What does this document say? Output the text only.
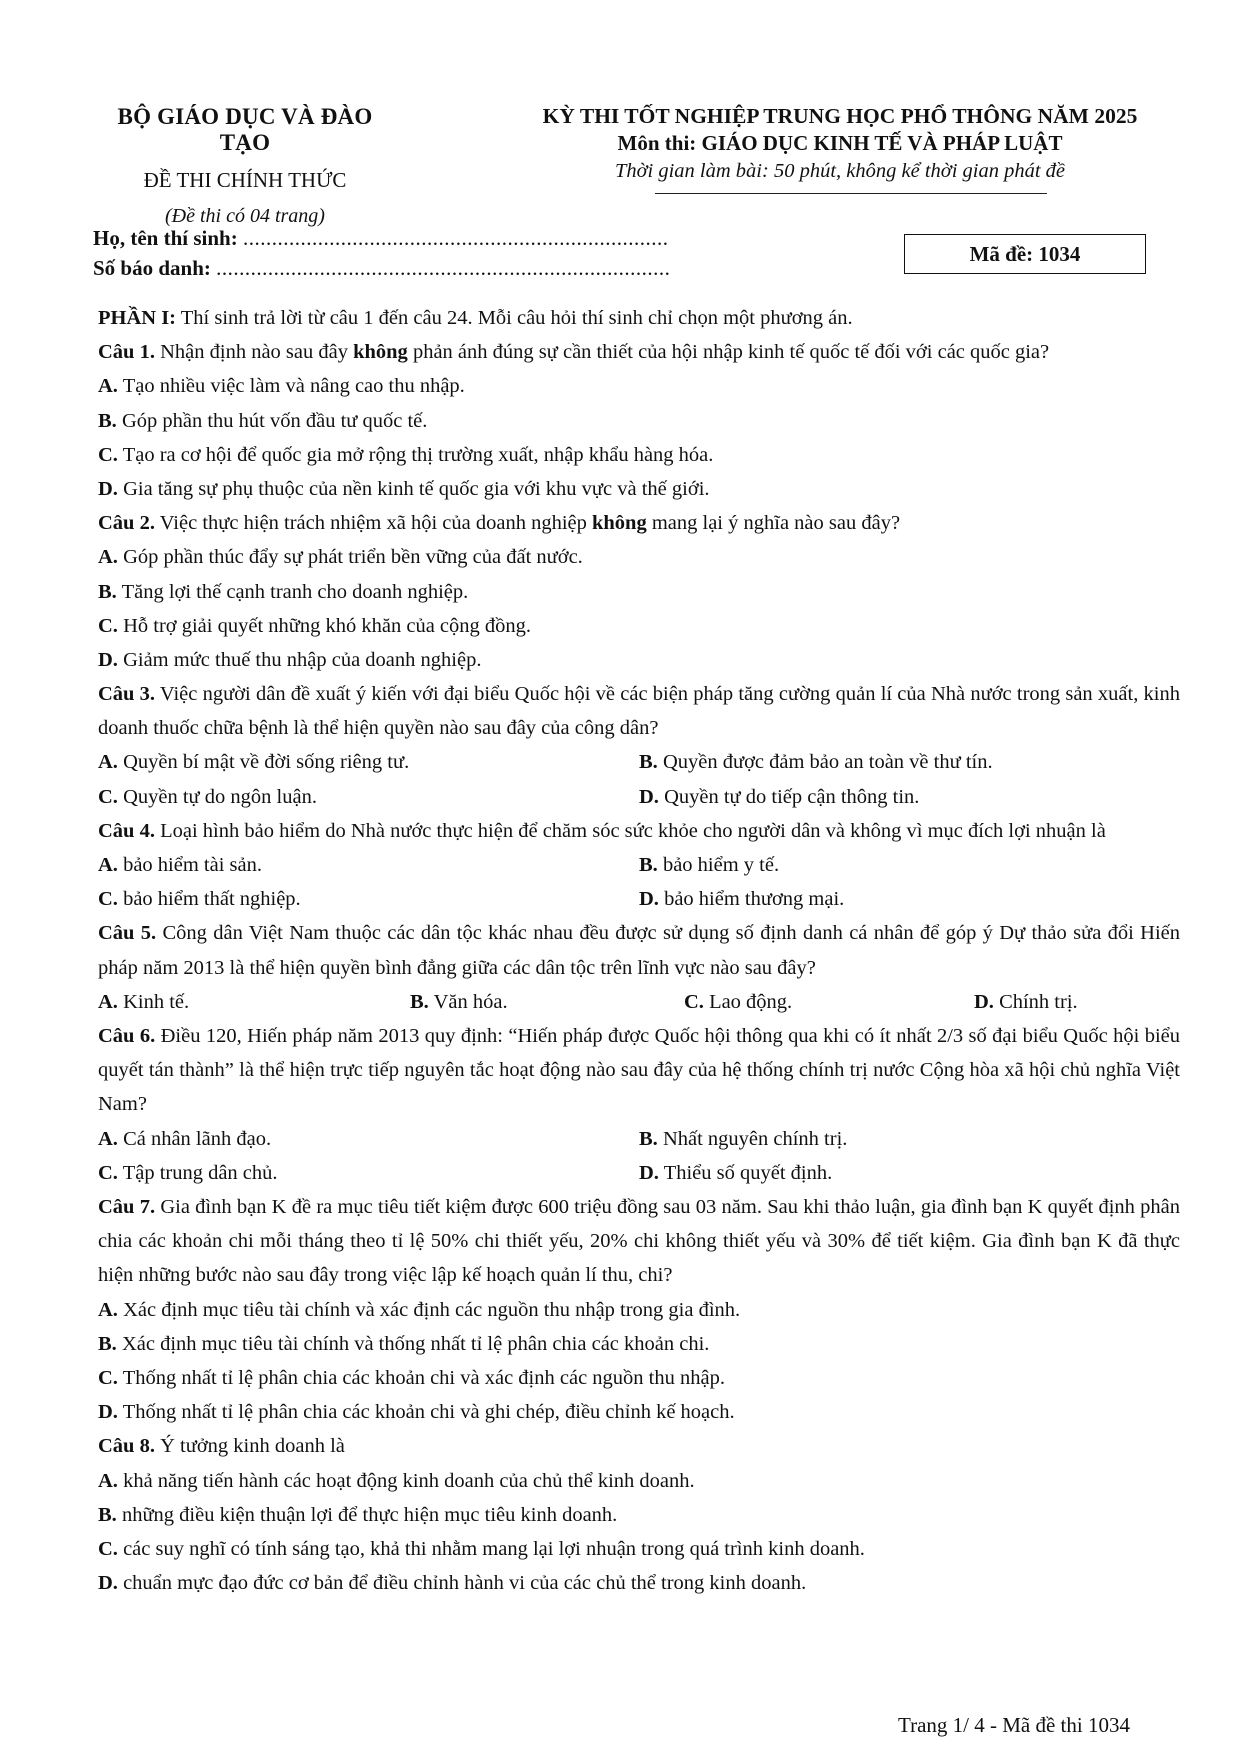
BỘ GIÁO DỤC VÀ ĐÀO TẠO
ĐỀ THI CHÍNH THỨC
(Đề thi có 04 trang)
KỲ THI TỐT NGHIỆP TRUNG HỌC PHỔ THÔNG NĂM 2025
Môn thi: GIÁO DỤC KINH TẾ VÀ PHÁP LUẬT
Thời gian làm bài: 50 phút, không kể thời gian phát đề
Họ, tên thí sinh: ..........................................................................
Số báo danh: ...............................................................................
Mã đề: 1034
PHẦN I: Thí sinh trả lời từ câu 1 đến câu 24. Mỗi câu hỏi thí sinh chỉ chọn một phương án.
Câu 1. Nhận định nào sau đây không phản ánh đúng sự cần thiết của hội nhập kinh tế quốc tế đối với các quốc gia?
A. Tạo nhiều việc làm và nâng cao thu nhập.
B. Góp phần thu hút vốn đầu tư quốc tế.
C. Tạo ra cơ hội để quốc gia mở rộng thị trường xuất, nhập khẩu hàng hóa.
D. Gia tăng sự phụ thuộc của nền kinh tế quốc gia với khu vực và thế giới.
Câu 2. Việc thực hiện trách nhiệm xã hội của doanh nghiệp không mang lại ý nghĩa nào sau đây?
A. Góp phần thúc đẩy sự phát triển bền vững của đất nước.
B. Tăng lợi thế cạnh tranh cho doanh nghiệp.
C. Hỗ trợ giải quyết những khó khăn của cộng đồng.
D. Giảm mức thuế thu nhập của doanh nghiệp.
Câu 3. Việc người dân đề xuất ý kiến với đại biểu Quốc hội về các biện pháp tăng cường quản lí của Nhà nước trong sản xuất, kinh doanh thuốc chữa bệnh là thể hiện quyền nào sau đây của công dân?
A. Quyền bí mật về đời sống riêng tư.	B. Quyền được đảm bảo an toàn về thư tín.
C. Quyền tự do ngôn luận.	D. Quyền tự do tiếp cận thông tin.
Câu 4. Loại hình bảo hiểm do Nhà nước thực hiện để chăm sóc sức khỏe cho người dân và không vì mục đích lợi nhuận là
A. bảo hiểm tài sản.	B. bảo hiểm y tế.
C. bảo hiểm thất nghiệp.	D. bảo hiểm thương mại.
Câu 5. Công dân Việt Nam thuộc các dân tộc khác nhau đều được sử dụng số định danh cá nhân để góp ý Dự thảo sửa đổi Hiến pháp năm 2013 là thể hiện quyền bình đẳng giữa các dân tộc trên lĩnh vực nào sau đây?
A. Kinh tế.	B. Văn hóa.	C. Lao động.	D. Chính trị.
Câu 6. Điều 120, Hiến pháp năm 2013 quy định: “Hiến pháp được Quốc hội thông qua khi có ít nhất 2/3 số đại biểu Quốc hội biểu quyết tán thành” là thể hiện trực tiếp nguyên tắc hoạt động nào sau đây của hệ thống chính trị nước Cộng hòa xã hội chủ nghĩa Việt Nam?
A. Cá nhân lãnh đạo.	B. Nhất nguyên chính trị.
C. Tập trung dân chủ.	D. Thiểu số quyết định.
Câu 7. Gia đình bạn K đề ra mục tiêu tiết kiệm được 600 triệu đồng sau 03 năm. Sau khi thảo luận, gia đình bạn K quyết định phân chia các khoản chi mỗi tháng theo tỉ lệ 50% chi thiết yếu, 20% chi không thiết yếu và 30% để tiết kiệm. Gia đình bạn K đã thực hiện những bước nào sau đây trong việc lập kế hoạch quản lí thu, chi?
A. Xác định mục tiêu tài chính và xác định các nguồn thu nhập trong gia đình.
B. Xác định mục tiêu tài chính và thống nhất tỉ lệ phân chia các khoản chi.
C. Thống nhất tỉ lệ phân chia các khoản chi và xác định các nguồn thu nhập.
D. Thống nhất tỉ lệ phân chia các khoản chi và ghi chép, điều chỉnh kế hoạch.
Câu 8. Ý tưởng kinh doanh là
A. khả năng tiến hành các hoạt động kinh doanh của chủ thể kinh doanh.
B. những điều kiện thuận lợi để thực hiện mục tiêu kinh doanh.
C. các suy nghĩ có tính sáng tạo, khả thi nhằm mang lại lợi nhuận trong quá trình kinh doanh.
D. chuẩn mực đạo đức cơ bản để điều chỉnh hành vi của các chủ thể trong kinh doanh.
Trang 1/ 4 - Mã đề thi 1034
